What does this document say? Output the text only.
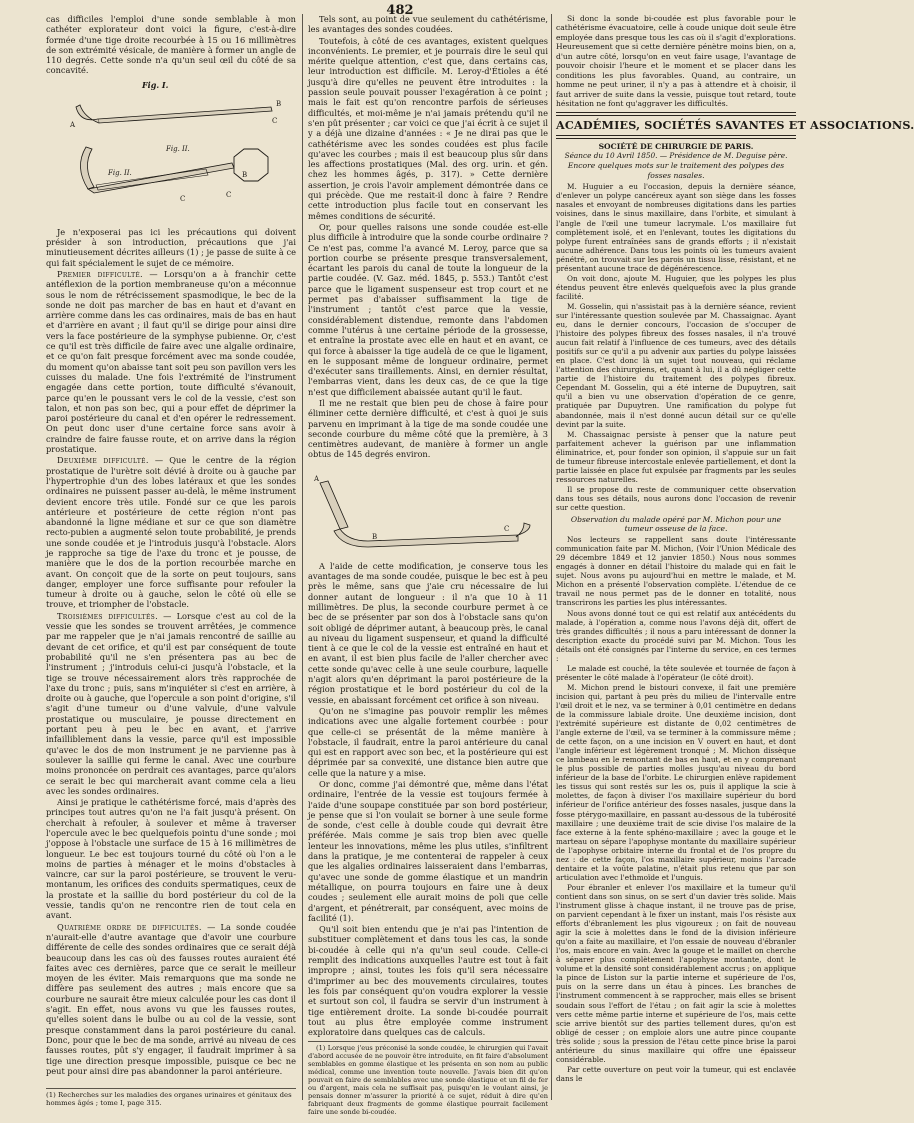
482

cas difficiles l'emploi d'une sonde semblable à mon cathéter explorateur dont voici la figure, c'est-à-dire formée d'une tige droite recourbée à 15 ou 16 millimètres de son extrémité vésicale, de manière à former un angle de 110 degrés. Cette sonde n'a qu'un seul œil du côté de sa concavité.

Fig. I.
A
B
C
Fig. II.
Fig. II.	B
C	C

Je n'exposerai pas ici les précautions qui doivent présider à son introduction, précautions que j'ai minutieusement décrites ailleurs (1) ; je passe de suite à ce qui fait spécialement le sujet de ce mémoire.

Premier difficulté. — Lorsqu'on a à franchir cette antéflexion de la portion membraneuse qu'on a méconnue sous le nom de rétrécissement spasmodique, le bec de la sonde ne doit pas marcher de bas en haut et d'avant en arrière comme dans les cas ordinaires, mais de bas en haut et d'arrière en avant ; il faut qu'il se dirige pour ainsi dire vers la face postérieure de la symphyse pubienne. Or, c'est ce qu'il est très difficile de faire avec une algalie ordinaire, et ce qu'on fait presque forcément avec ma sonde coudée, du moment qu'on abaisse tant soit peu son pavillon vers les cuisses du malade. Une fois l'extrémité de l'instrument engagée dans cette portion, toute difficulté s'évanouit, parce qu'en le poussant vers le col de la vessie, c'est son talon, et non pas son bec, qui a pour effet de déprimer la paroi postérieure du canal et d'en opérer le redressement. On peut donc user d'une certaine force sans avoir à craindre de faire fausse route, et on arrive dans la région prostatique.

Deuxième difficulté. — Que le centre de la région prostatique de l'urètre soit dévié à droite ou à gauche par l'hypertrophie d'un des lobes latéraux et que les sondes ordinaires ne puissent passer au-delà, le même instrument devient encore très utile. Fondé sur ce que les parois antérieure et postérieure de cette région n'ont pas abandonné la ligne médiane et sur ce que son diamètre recto-pubien a augmenté selon toute probabilité, je prends une sonde coudée et je l'introduis jusqu'à l'obstacle. Alors je rapproche sa tige de l'axe du tronc et je pousse, de manière que le dos de la portion recourbée marche en avant. On conçoit que de la sorte on peut toujours, sans danger, employer une force suffisante pour refouler la tumeur à droite ou à gauche, selon le côté où elle se trouve, et triompher de l'obstacle.

Troisièmes difficultés. — Lorsque c'est au col de la vessie que les sondes se trouvent arrêtées, je commence par me rappeler que je n'ai jamais rencontré de saillie au devant de cet orifice, et qu'il est par conséquent de toute probabilité qu'il ne s'en présentera pas au bec de l'instrument ; j'introduis celui-ci jusqu'à l'obstacle, et la tige se trouve nécessairement alors très rapprochée de l'axe du tronc ; puis, sans m'inquiéter si c'est en arrière, à droite ou à gauche, que l'opercule a son point d'origine, s'il s'agit d'une tumeur ou d'une valvule, d'une valvule prostatique ou musculaire, je pousse directement en portant peu à peu le bec en avant, et j'arrive infailliblement dans la vessie, parce qu'il est impossible qu'avec le dos de mon instrument je ne parvienne pas à soulever la saillie qui ferme le canal. Avec une courbure moins prononcée on perdrait ces avantages, parce qu'alors ce serait le bec qui marcherait avant comme cela a lieu avec les sondes ordinaires.

Ainsi je pratique le cathétérisme forcé, mais d'après des principes tout autres qu'on ne l'a fait jusqu'à présent. On cherchait à refouler, à soulever et même à traverser l'opercule avec le bec quelquefois pointu d'une sonde ; moi j'oppose à l'obstacle une surface de 15 à 16 millimètres de longueur. Le bec est toujours tourné du côté où l'on a le moins de parties à ménager et le moins d'obstacles à vaincre, car sur la paroi postérieure, se trouvent le veru-montanum, les orifices des conduits spermatiques, ceux de la prostate et la saillie du bord postérieur du col de la vessie, tandis qu'on ne rencontre rien de tout cela en avant.

Quatrième ordre de difficultés. — La sonde coudée n'aurait-elle d'autre avantage que d'avoir une courbure différente de celle des sondes ordinaires que ce serait déjà beaucoup dans les cas où des fausses routes auraient été faites avec ces dernières, parce que ce serait le meilleur moyen de les éviter. Mais remarquons que ma sonde ne diffère pas seulement des autres ; mais encore que sa courbure ne saurait être mieux calculée pour les cas dont il s'agit. En effet, nous avons vu que les fausses routes, qu'elles soient dans le bulbe ou au col de la vessie, sont presque constamment dans la paroi postérieure du canal. Donc, pour que le bec de ma sonde, arrivé au niveau de ces fausses routes, pût s'y engager, il faudrait imprimer à sa tige une direction presque impossible, puisque ce bec ne peut pour ainsi dire pas abandonner la paroi antérieure.

(1) Recherches sur les maladies des organes urinaires et génitaux des hommes âgés ; tome I, page 315.

Tels sont, au point de vue seulement du cathétérisme, les avantages des sondes coudées.

Toutefois, à côté de ces avantages, existent quelques inconvénients. Le premier, et je pourrais dire le seul qui mérite quelque attention, c'est que, dans certains cas, leur introduction est difficile. M. Leroy-d'Étioles a été jusqu'à dire qu'elles ne peuvent être introduites : la passion seule pouvait pousser l'exagération à ce point ; mais le fait est qu'on rencontre parfois de sérieuses difficultés, et moi-même je n'ai jamais prétendu qu'il ne s'en pût présenter ; car voici ce que j'ai écrit à ce sujet il y a déjà une dizaine d'années : « Je ne dirai pas que le cathétérisme avec les sondes coudées est plus facile qu'avec les courbes ; mais il est beaucoup plus sûr dans les affections prostatiques (Mal. des org. urin. et gén. chez les hommes âgés, p. 317). » Cette dernière assertion, je crois l'avoir amplement démontrée dans ce qui précède. Que me restait-il donc à faire ? Rendre cette introduction plus facile tout en conservant les mêmes conditions de sécurité.

Or, pour quelles raisons une sonde coudée est-elle plus difficile à introduire que la sonde courbe ordinaire ? Ce n'est pas, comme l'a avancé M. Leroy, parce que sa portion courbe se présente presque transversalement, écartant les parois du canal de toute la longueur de la partie coudée. (V. Gaz. méd. 1845, p. 553.) Tantôt c'est parce que le ligament suspenseur est trop court et ne permet pas d'abaisser suffisamment la tige de l'instrument ; tantôt c'est parce que la vessie, considérablement distendue, remonte dans l'abdomen comme l'utérus à une certaine période de la grossesse, et entraîne la prostate avec elle en haut et en avant, ce qui force à abaisser la tige audelà de ce que le ligament, en le supposant même de longueur ordinaire, permet d'exécuter sans tiraillements. Ainsi, en dernier résultat, l'embarras vient, dans les deux cas, de ce que la tige n'est que difficilement abaissée autant qu'il le faut.

Il me ne restait que bien peu de chose à faire pour éliminer cette dernière difficulté, et c'est à quoi je suis parvenu en imprimant à la tige de ma sonde coudée une seconde courbure du même côté que la première, à 3 centimètres audevant, de manière à former un angle obtus de 145 degrés environ.

A
B
C

A l'aide de cette modification, je conserve tous les avantages de ma sonde coudée, puisque le bec est à peu près le même, sans que j'aie cru nécessaire de lui donner autant de longueur : il n'a que 10 à 11 millimètres. De plus, la seconde courbure permet à ce bec de se présenter par son dos à l'obstacle sans qu'on soit obligé de déprimer autant, à beaucoup près, le canal au niveau du ligament suspenseur, et quand la difficulté tient à ce que le col de la vessie est entraîné en haut et en avant, il est bien plus facile de l'aller chercher avec cette sonde qu'avec celle à une seule courbure, laquelle n'agit alors qu'en déprimant la paroi postérieure de la région prostatique et le bord postérieur du col de la vessie, en abaissant forcément cet orifice à son niveau.

Qu'on ne s'imagine pas pouvoir remplir les mêmes indications avec une algalie fortement courbée : pour que celle-ci se présentât de la même manière à l'obstacle, il faudrait, entre la paroi antérieure du canal qui est en rapport avec son bec, et la postérieure qui est déprimée par sa convexité, une distance bien autre que celle que la nature y a mise.

Or donc, comme j'ai démontré que, même dans l'état ordinaire, l'entrée de la vessie est toujours fermée à l'aide d'une soupape constituée par son bord postérieur, je pense que si l'on voulait se borner à une seule forme de sonde, c'est celle à double coude qui devrait être préférée. Mais comme je sais trop bien avec quelle lenteur les innovations, même les plus utiles, s'infiltrent dans la pratique, je me contenterai de rappeler à ceux que les algalies ordinaires laisseraient dans l'embarras, qu'avec une sonde de gomme élastique et un mandrin métallique, on pourra toujours en faire une à deux coudes ; seulement elle aurait moins de poli que celle d'argent, et pénétrerait, par conséquent, avec moins de facilité (1).

Qu'il soit bien entendu que je n'ai pas l'intention de substituer complètement et dans tous les cas, la sonde bi-coudée à celle qui n'a qu'un seul coude. Celle-ci remplit des indications auxquelles l'autre est tout à fait impropre ; ainsi, toutes les fois qu'il sera nécessaire d'imprimer au bec des mouvements circulaires, toutes les fois par conséquent qu'on voudra explorer la vessie et surtout son col, il faudra se servir d'un instrument à tige entièrement droite. La sonde bi-coudée pourrait tout au plus être employée comme instrument exploratoire dans quelques cas de calculs.

(1) Lorsque j'eus préconisé la sonde coudée, le chirurgien qui l'avait d'abord accusée de ne pouvoir être introduite, en fit faire d'absolument semblables en gomme élastique et les présenta en son nom au public médical, comme une invention toute nouvelle. J'avais bien dit qu'on pouvait en faire de semblables avec une sonde élastique et un fil de fer ou d'argent, mais cela ne suffisait pas, puisqu'en le voulant ainsi, je pensais donner m'assurer la priorité à ce sujet, réduit à dire qu'en fabriquant deux fragments de gomme élastique pourrait facilement faire une sonde bi-coudée.

Si donc la sonde bi-coudée est plus favorable pour le cathétérisme évacuatoire, celle à coude unique doit seule être employée dans presque tous les cas où il s'agit d'explorations. Heureusement que si cette dernière pénètre moins bien, on a, d'un autre côté, lorsqu'on en veut faire usage, l'avantage de pouvoir choisir l'heure et le moment et se placer dans les conditions les plus favorables. Quand, au contraire, un homme ne peut uriner, il n'y a pas à attendre et à choisir, il faut arriver de suite dans la vessie, puisque tout retard, toute hésitation ne font qu'aggraver les difficultés.

ACADÉMIES, SOCIÉTÉS SAVANTES ET ASSOCIATIONS.
SOCIÉTÉ DE CHIRURGIE DE PARIS.
Séance du 10 Avril 1850. — Présidence de M. Deguise père.
Encore quelques mots sur le traitement des polypes des fosses nasales.

M. Huguier a eu l'occasion, depuis la dernière séance, d'enlever un polype cancéreux ayant son siège dans les fosses nasales et envoyant de nombreuses digitations dans les parties voisines, dans le sinus maxillaire, dans l'orbite, et simulant à l'angle de l'œil une tumeur lacrymale. L'os maxillaire fut complètement isolé, et en l'enlevant, toutes les digitations du polype furent entraînées sans de grands efforts ; il n'existait aucune adhérence. Dans tous les points où les tumeurs avaient pénétré, on trouvait sur les parois un tissu lisse, résistant, et ne présentant aucune trace de dégénérescence.

On voit donc, ajoute M. Huguier, que les polypes les plus étendus peuvent être enlevés quelquefois avec la plus grande facilité.

M. Gosselin, qui n'assistait pas à la dernière séance, revient sur l'intéressante question soulevée par M. Chassaignac. Ayant eu, dans le dernier concours, l'occasion de s'occuper de l'histoire des polypes fibreux des fosses nasales, il n'a trouvé aucun fait relatif à l'influence de ces tumeurs, avec des détails positifs sur ce qu'il a pu advenir aux parties du polype laissées en place. C'est donc là un sujet tout nouveau, qui réclame l'attention des chirurgiens, et, quant à lui, il a dû négliger cette partie de l'histoire du traitement des polypes fibreux. Cependant M. Gosselin, qui a été interne de Dupuytren, sait qu'il a bien vu une observation d'opération de ce genre, pratiquée par Dupuytren. Une ramification du polype fut abandonnée, mais il n'est donné aucun détail sur ce qu'elle devint par la suite.

M. Chassaignac persiste à penser que la nature peut parfaitement achever la guérison par une inflammation éliminatrice, et, pour fonder son opinion, il s'appuie sur un fait de tumeur fibreuse intercostale enlevée partiellement, et dont la partie laissée en place fut expulsée par fragments par les seules ressources naturelles.

Il se propose du reste de communiquer cette observation dans tous ses détails, nous aurons donc l'occasion de revenir sur cette question.

Observation du malade opéré par M. Michon pour une tumeur osseuse de la face.

Nos lecteurs se rappellent sans doute l'intéressante communication faite par M. Michon, (Voir l'Union Médicale des 29 décembre 1849 et 12 janvier 1850.) Nous nous sommes engagés à donner en détail l'histoire du malade qui en fait le sujet. Nous avons pu aujourd'hui en mettre le malade, et M. Michon en a présenté l'observation complète. L'étendue de ce travail ne nous permet pas de le donner en totalité, nous transcrirons les parties les plus intéressantes.

Nous avons donné tout ce qui est relatif aux antécédents du malade, à l'opération a, comme nous l'avons déjà dit, offert de très grandes difficultés ; il nous a paru intéressant de donner la description exacte du procédé suivi par M. Michon. Tous les détails ont été consignés par l'interne du service, en ces termes :

Le malade est couché, la tête soulevée et tournée de façon à présenter le côté malade à l'opérateur (le côté droit).

M. Michon prend le bistouri convexe, il fait une première incision qui, partant à peu près du milieu de l'intervalle entre l'œil droit et le nez, va se terminer à 0,01 centimètre en dedans de la commissure labiale droite. Une deuxième incision, dont l'extrémité supérieure est distante de 0,02 centimètres de l'angle externe de l'œil, va se terminer à la commissure même ; de cette façon, on a une incision en V ouvert en haut, et dont l'angle inférieur est légèrement tronqué ; M. Michon dissèque ce lambeau en le remontant de bas en haut, et en y comprenant le plus possible de parties molles jusqu'au niveau du bord inférieur de la base de l'orbite. Le chirurgien enlève rapidement les tissus qui sont restés sur les os, puis il applique la scie à molettes, de façon à diviser l'os maxillaire supérieur du bord inférieur de l'orifice antérieur des fosses nasales, jusque dans la fosse ptérygo-maxillaire, en passant au-dessous de la tubérosité maxillaire ; une deuxième trait de scie divise l'os malaire de la face externe à la fente sphéno-maxillaire ; avec la gouge et le marteau on sépare l'apophyse montante du maxillaire supérieur de l'apophyse orbitaire interne du frontal et de l'os propre du nez : de cette façon, l'os maxillaire supérieur, moins l'arcade dentaire et la voûte palatine, n'était plus retenu que par son articulation avec l'ethmoïde et l'unguis.

Pour ébranler et enlever l'os maxillaire et la tumeur qu'il contient dans son sinus, on se sert d'un davier très solide. Mais l'instrument glisse à chaque instant, il ne trouve pas de prise, on parvient cependant à le fixer un instant, mais l'os résiste aux efforts d'ébranlement les plus vigoureux ; on fait de nouveau agir la scie à molettes dans le fond de la division inférieure qu'on a faite au maxillaire, et l'on essaie de nouveau d'ébranler l'os, mais encore en vain. Avec la gouge et le maillet on cherche à séparer plus complètement l'apophyse montante, dont le volume et la densité sont considérablement accrus ; on applique la pince de Liston sur la partie interne et supérieure de l'os, puis on la serre dans un étau à pinces. Les branches de l'instrument commencent à se rapprocher, mais elles se brisent soudain sous l'effort de l'étau ; on fait agir la scie à molettes vers cette même partie interne et supérieure de l'os, mais cette scie arrive bientôt sur des parties tellement dures, qu'on est obligé de cesser ; on emploie alors une autre pince coupante très solide ; sous la pression de l'étau cette pince brise la paroi antérieure du sinus maxillaire qui offre une épaisseur considérable.

Par cette ouverture on peut voir la tumeur, qui est enclavée dans le
